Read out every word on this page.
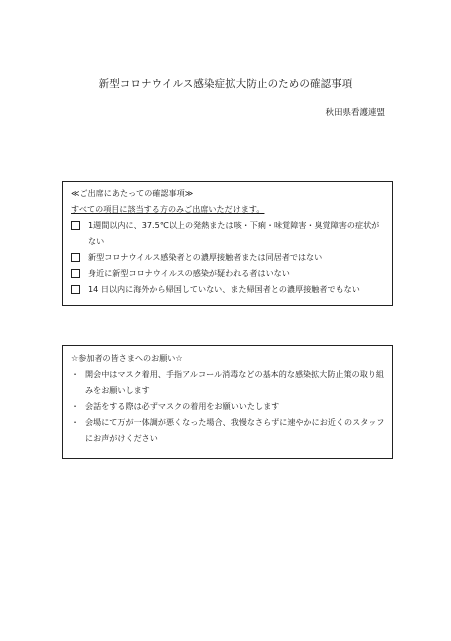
新型コロナウイルス感染症拡大防止のための確認事項
秋田県看護連盟
≪ご出席にあたっての確認事項≫
すべての項目に該当する方のみご出席いただけます。
1週間以内に、37.5℃以上の発熱または咳・下痢・味覚障害・臭覚障害の症状がない
新型コロナウイルス感染者との濃厚接触者または同居者ではない
身近に新型コロナウイルスの感染が疑われる者はいない
14 日以内に海外から帰国していない、また帰国者との濃厚接触者でもない
☆参加者の皆さまへのお願い☆
・ 開会中はマスク着用、手指アルコール消毒などの基本的な感染拡大防止策の取り組みをお願いします
・ 会話をする際は必ずマスクの着用をお願いいたします
・ 会場にて万が一体調が悪くなった場合、我慢なさらずに速やかにお近くのスタッフにお声がけください
